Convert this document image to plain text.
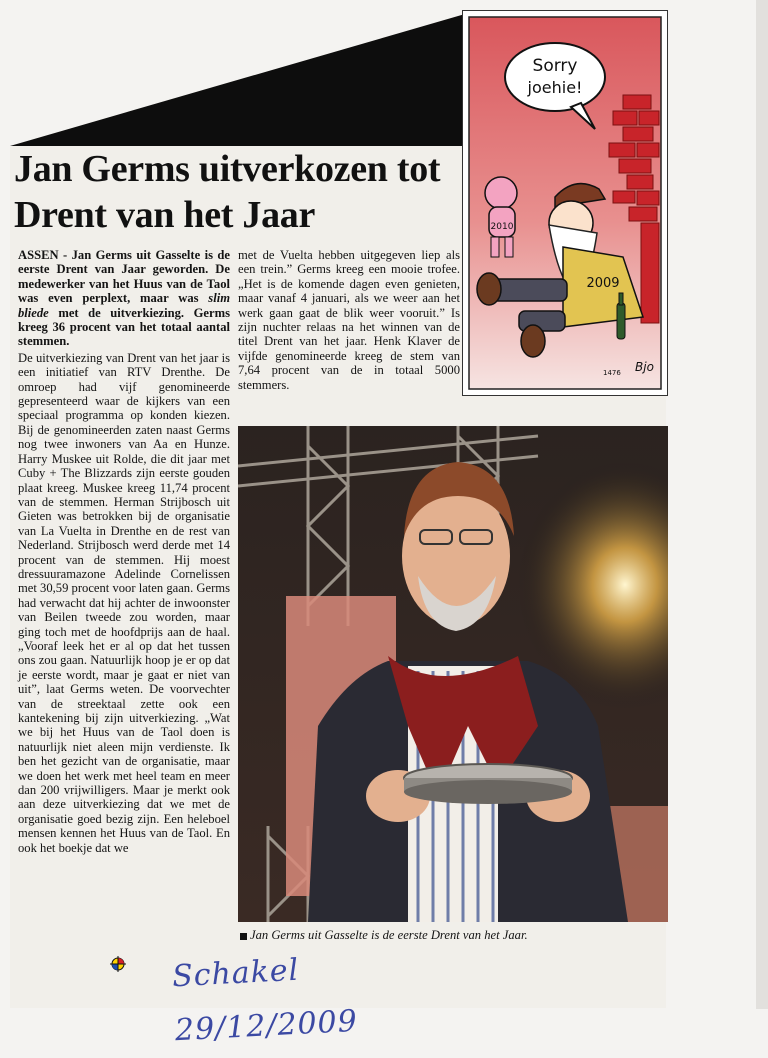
Jan Germs uitverkozen tot Drent van het Jaar

ASSEN - Jan Germs uit Gasselte is de eerste Drent van Jaar geworden. De medewerker van het Huus van de Taol was even perplext, maar was slim bliede met de uitverkiezing. Germs kreeg 36 procent van het totaal aantal stemmen.

De uitverkiezing van Drent van het jaar is een initiatief van RTV Drenthe. De omroep had vijf genomineerde gepresenteerd waar de kijkers van een speciaal programma op konden kiezen. Bij de genomineerden zaten naast Germs nog twee inwoners van Aa en Hunze. Harry Muskee uit Rolde, die dit jaar met Cuby + The Blizzards zijn eerste gouden plaat kreeg. Muskee kreeg 11,74 procent van de stemmen. Herman Strijbosch uit Gieten was betrokken bij de organisatie van La Vuelta in Drenthe en de rest van Nederland. Strijbosch werd derde met 14 procent van de stemmen. Hij moest dressuuramazone Adelinde Cornelissen met 30,59 procent voor laten gaan. Germs had verwacht dat hij achter de inwoonster van Beilen tweede zou worden, maar ging toch met de hoofdprijs aan de haal. „Vooraf leek het er al op dat het tussen ons zou gaan. Natuurlijk hoop je er op dat je eerste wordt, maar je gaat er niet van uit”, laat Germs weten. De voorvechter van de streektaal zette ook een kantekening bij zijn uitverkiezing. „Wat we bij het Huus van de Taol doen is natuurlijk niet aleen mijn verdienste. Ik ben het gezicht van de organisatie, maar we doen het werk met heel team en meer dan 200 vrijwilligers. Maar je merkt ook aan deze uitverkiezing dat we met de organisatie goed bezig zijn. Een heleboel mensen kennen het Huus van de Taol. En ook het boekje dat we

met de Vuelta hebben uitgegeven liep als een trein.” Germs kreeg een mooie trofee. „Het is de komende dagen even genieten, maar vanaf 4 januari, als we weer aan het werk gaan gaat de blik weer vooruit.” Is zijn nuchter relaas na het winnen van de titel Drent van het jaar. Henk Klaver de vijfde genomineerde kreeg de stem van 7,64 procent van de in totaal 5000 stemmers.

Sorry
joehie!
2010
2009
Bjo
1476

Jan Germs uit Gasselte is de eerste Drent van het Jaar.

Schakel 29/12/2009
